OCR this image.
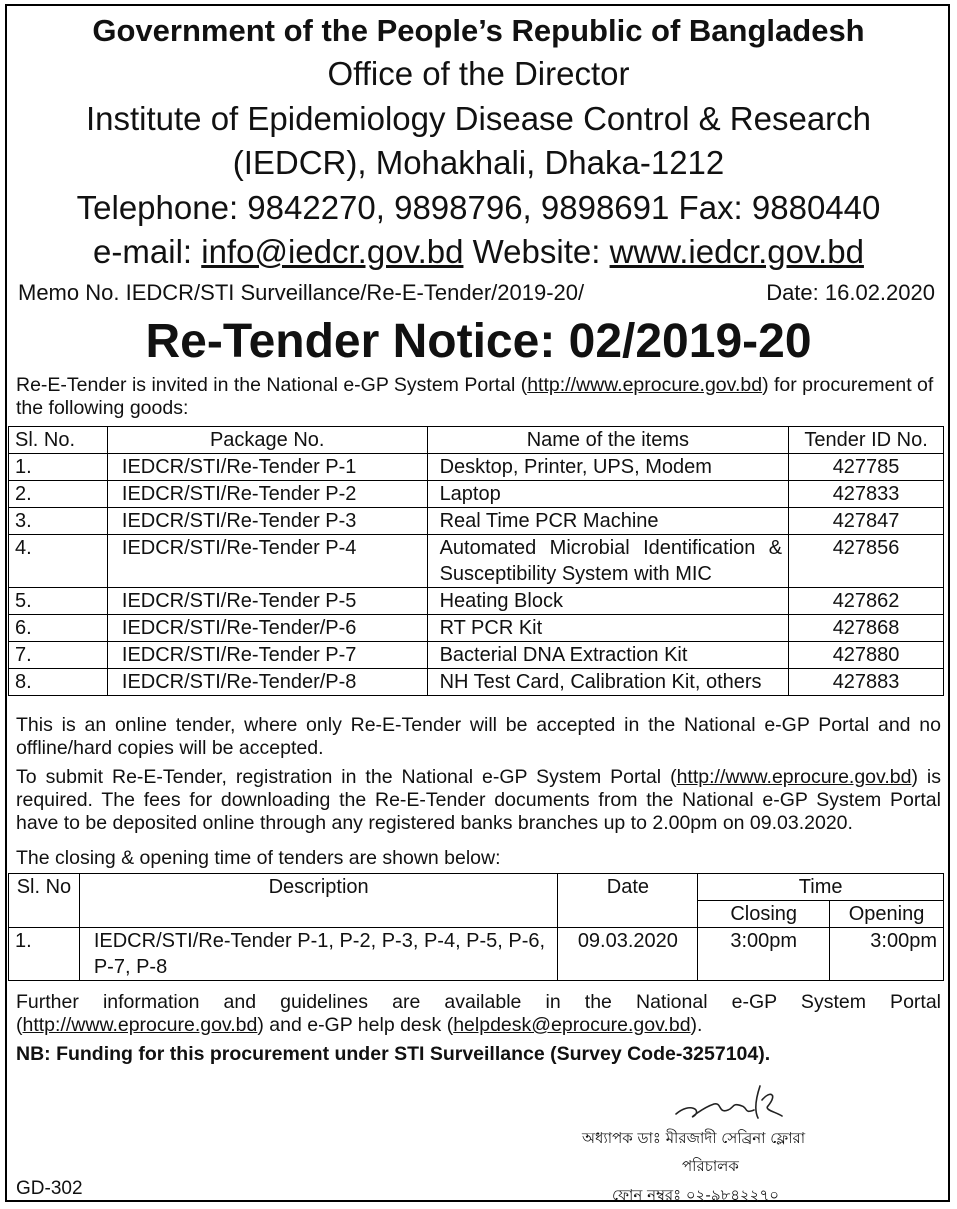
Government of the People’s Republic of Bangladesh
Office of the Director
Institute of Epidemiology Disease Control & Research
(IEDCR), Mohakhali, Dhaka-1212
Telephone: 9842270, 9898796, 9898691 Fax: 9880440
e-mail: info@iedcr.gov.bd Website: www.iedcr.gov.bd
Memo No. IEDCR/STI Surveillance/Re-E-Tender/2019-20/	Date: 16.02.2020
Re-Tender Notice: 02/2019-20

Re-E-Tender is invited in the National e-GP System Portal (http://www.eprocure.gov.bd) for procurement of the following goods:

Sl. No.	Package No.	Name of the items	Tender ID No.
1.	IEDCR/STI/Re-Tender P-1	Desktop, Printer, UPS, Modem	427785
2.	IEDCR/STI/Re-Tender P-2	Laptop	427833
3.	IEDCR/STI/Re-Tender P-3	Real Time PCR Machine	427847
4.	IEDCR/STI/Re-Tender P-4	Automated Microbial Identification & Susceptibility System with MIC	427856
5.	IEDCR/STI/Re-Tender P-5	Heating Block	427862
6.	IEDCR/STI/Re-Tender/P-6	RT PCR Kit	427868
7.	IEDCR/STI/Re-Tender P-7	Bacterial DNA Extraction Kit	427880
8.	IEDCR/STI/Re-Tender/P-8	NH Test Card, Calibration Kit, others	427883

This is an online tender, where only Re-E-Tender will be accepted in the National e-GP Portal and no offline/hard copies will be accepted.

To submit Re-E-Tender, registration in the National e-GP System Portal (http://www.eprocure.gov.bd) is required. The fees for downloading the Re-E-Tender documents from the National e-GP System Portal have to be deposited online through any registered banks branches up to 2.00pm on 09.03.2020.

The closing & opening time of tenders are shown below:

Sl. No	Description	Date	Time	
			Closing	Opening
1.	IEDCR/STI/Re-Tender P-1, P-2, P-3, P-4, P-5, P-6, P-7, P-8	09.03.2020	3:00pm	3:00pm

Further information and guidelines are available in the National e-GP System Portal (http://www.eprocure.gov.bd) and e-GP help desk (helpdesk@eprocure.gov.bd).

NB: Funding for this procurement under STI Surveillance (Survey Code-3257104).
অধ্যাপক ডাঃ মীরজাদী সেব্রিনা ফ্লোরা
পরিচালক
ফোন নম্বরঃ ০২-৯৮৪২২৭০
GD-302
